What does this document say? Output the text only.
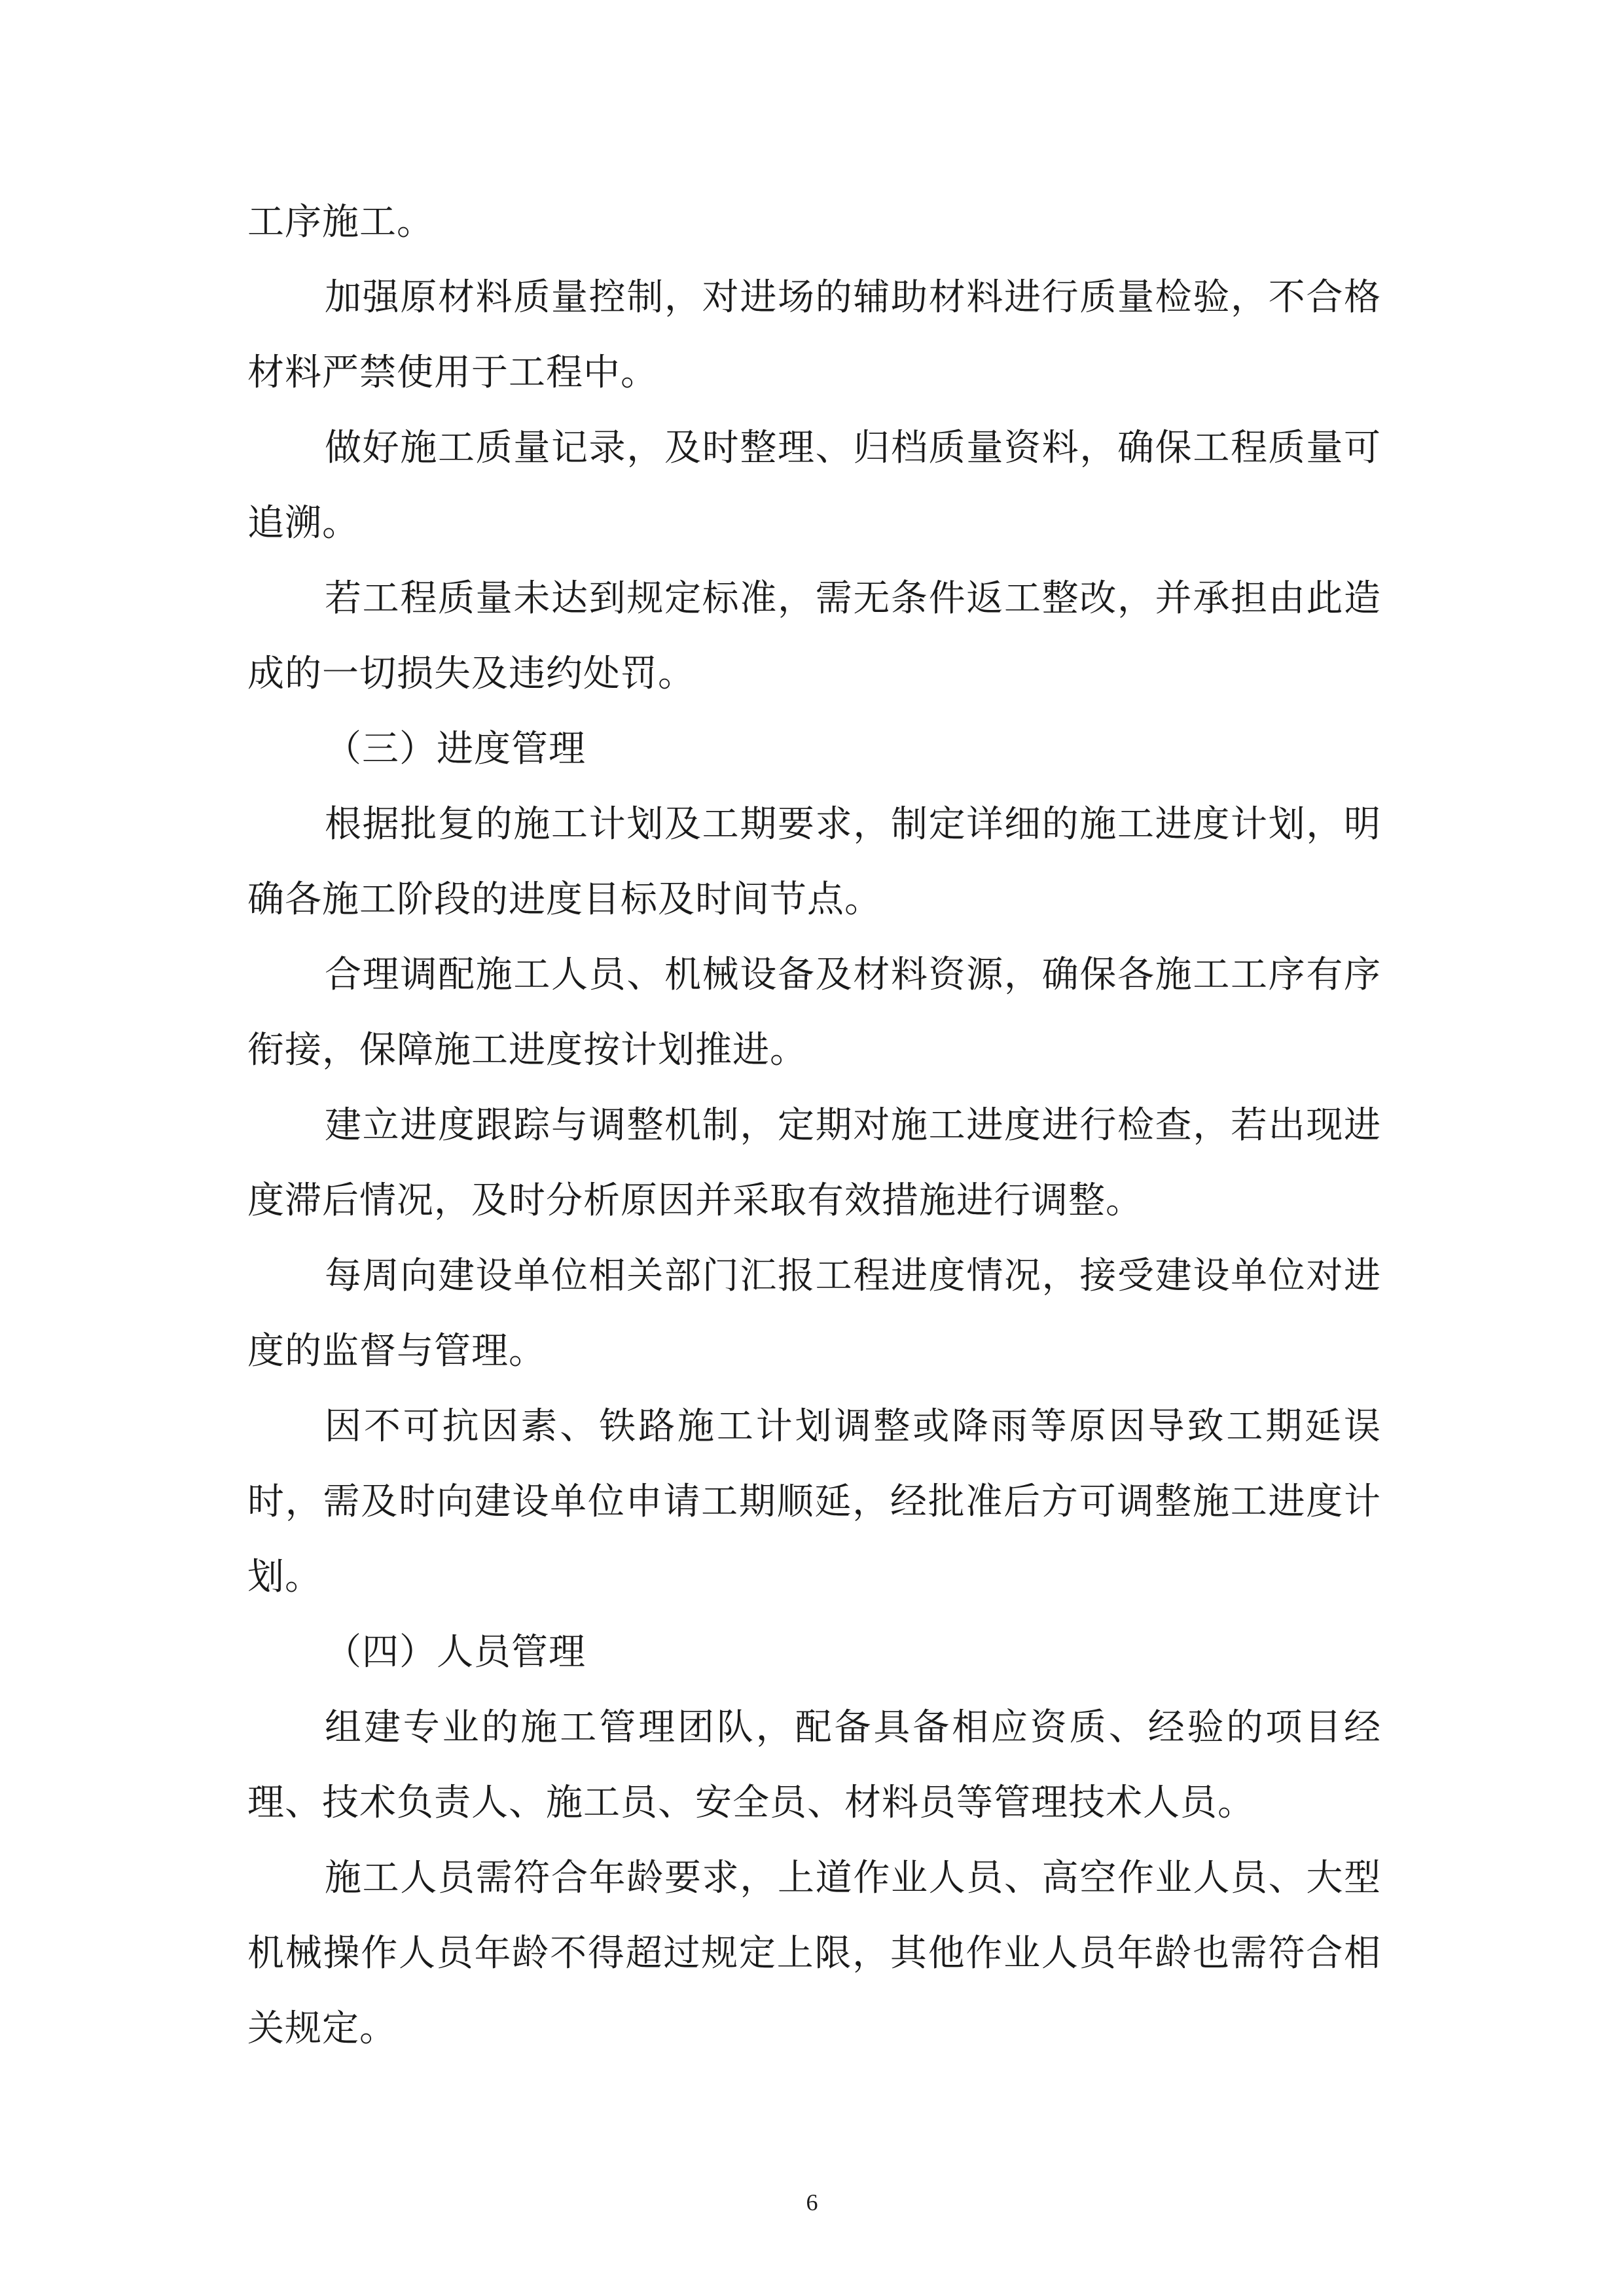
工序施工。

加强原材料质量控制，对进场的辅助材料进行质量检验，不合格材料严禁使用于工程中。

做好施工质量记录，及时整理、归档质量资料，确保工程质量可追溯。

若工程质量未达到规定标准，需无条件返工整改，并承担由此造成的一切损失及违约处罚。

（三）进度管理

根据批复的施工计划及工期要求，制定详细的施工进度计划，明确各施工阶段的进度目标及时间节点。

合理调配施工人员、机械设备及材料资源，确保各施工工序有序衔接，保障施工进度按计划推进。

建立进度跟踪与调整机制，定期对施工进度进行检查，若出现进度滞后情况，及时分析原因并采取有效措施进行调整。

每周向建设单位相关部门汇报工程进度情况，接受建设单位对进度的监督与管理。

因不可抗因素、铁路施工计划调整或降雨等原因导致工期延误时，需及时向建设单位申请工期顺延，经批准后方可调整施工进度计划。

（四）人员管理

组建专业的施工管理团队，配备具备相应资质、经验的项目经理、技术负责人、施工员、安全员、材料员等管理技术人员。

施工人员需符合年龄要求，上道作业人员、高空作业人员、大型机械操作人员年龄不得超过规定上限，其他作业人员年龄也需符合相关规定。

6
